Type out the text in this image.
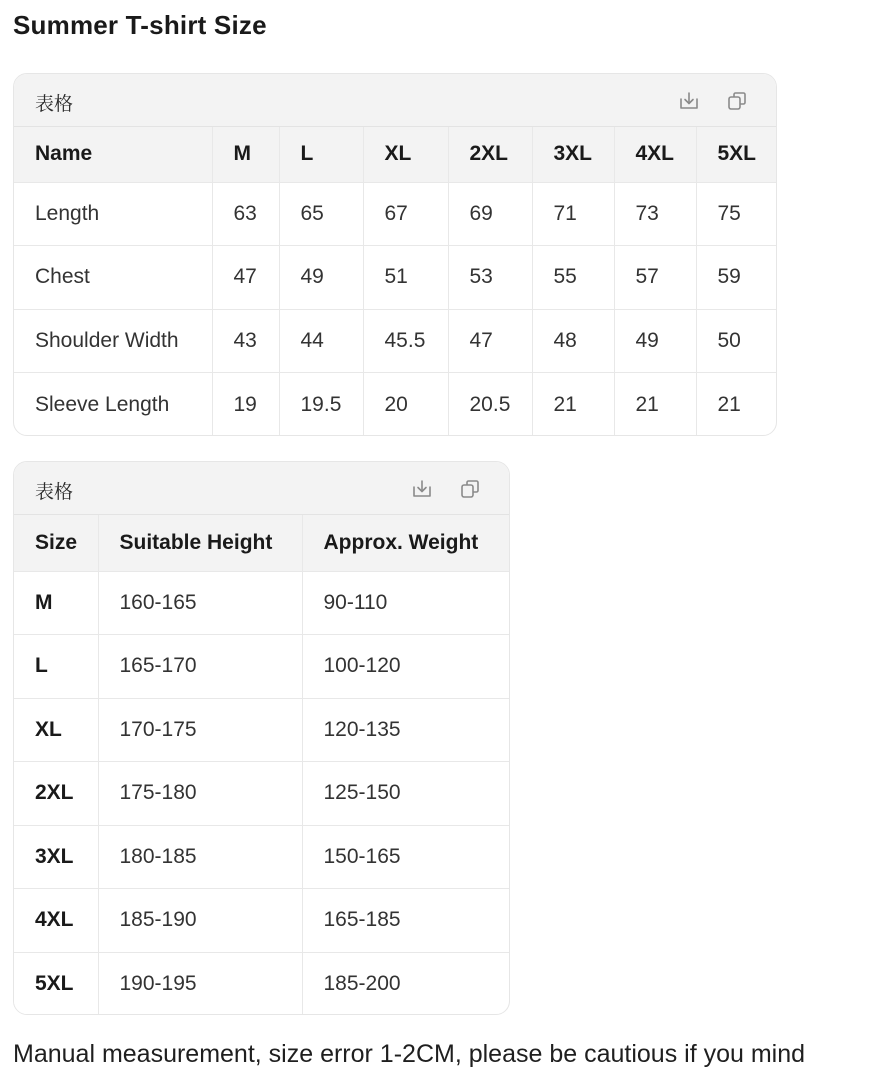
Summer T-shirt Size
表格
Name	M	L	XL	2XL	3XL	4XL	5XL
Length	63	65	67	69	71	73	75
Chest	47	49	51	53	55	57	59
Shoulder Width	43	44	45.5	47	48	49	50
Sleeve Length	19	19.5	20	20.5	21	21	21
表格
Size	Suitable Height	Approx. Weight
M	160-165	90-110
L	165-170	100-120
XL	170-175	120-135
2XL	175-180	125-150
3XL	180-185	150-165
4XL	185-190	165-185
5XL	190-195	185-200
Manual measurement, size error 1-2CM, please be cautious if you mind
